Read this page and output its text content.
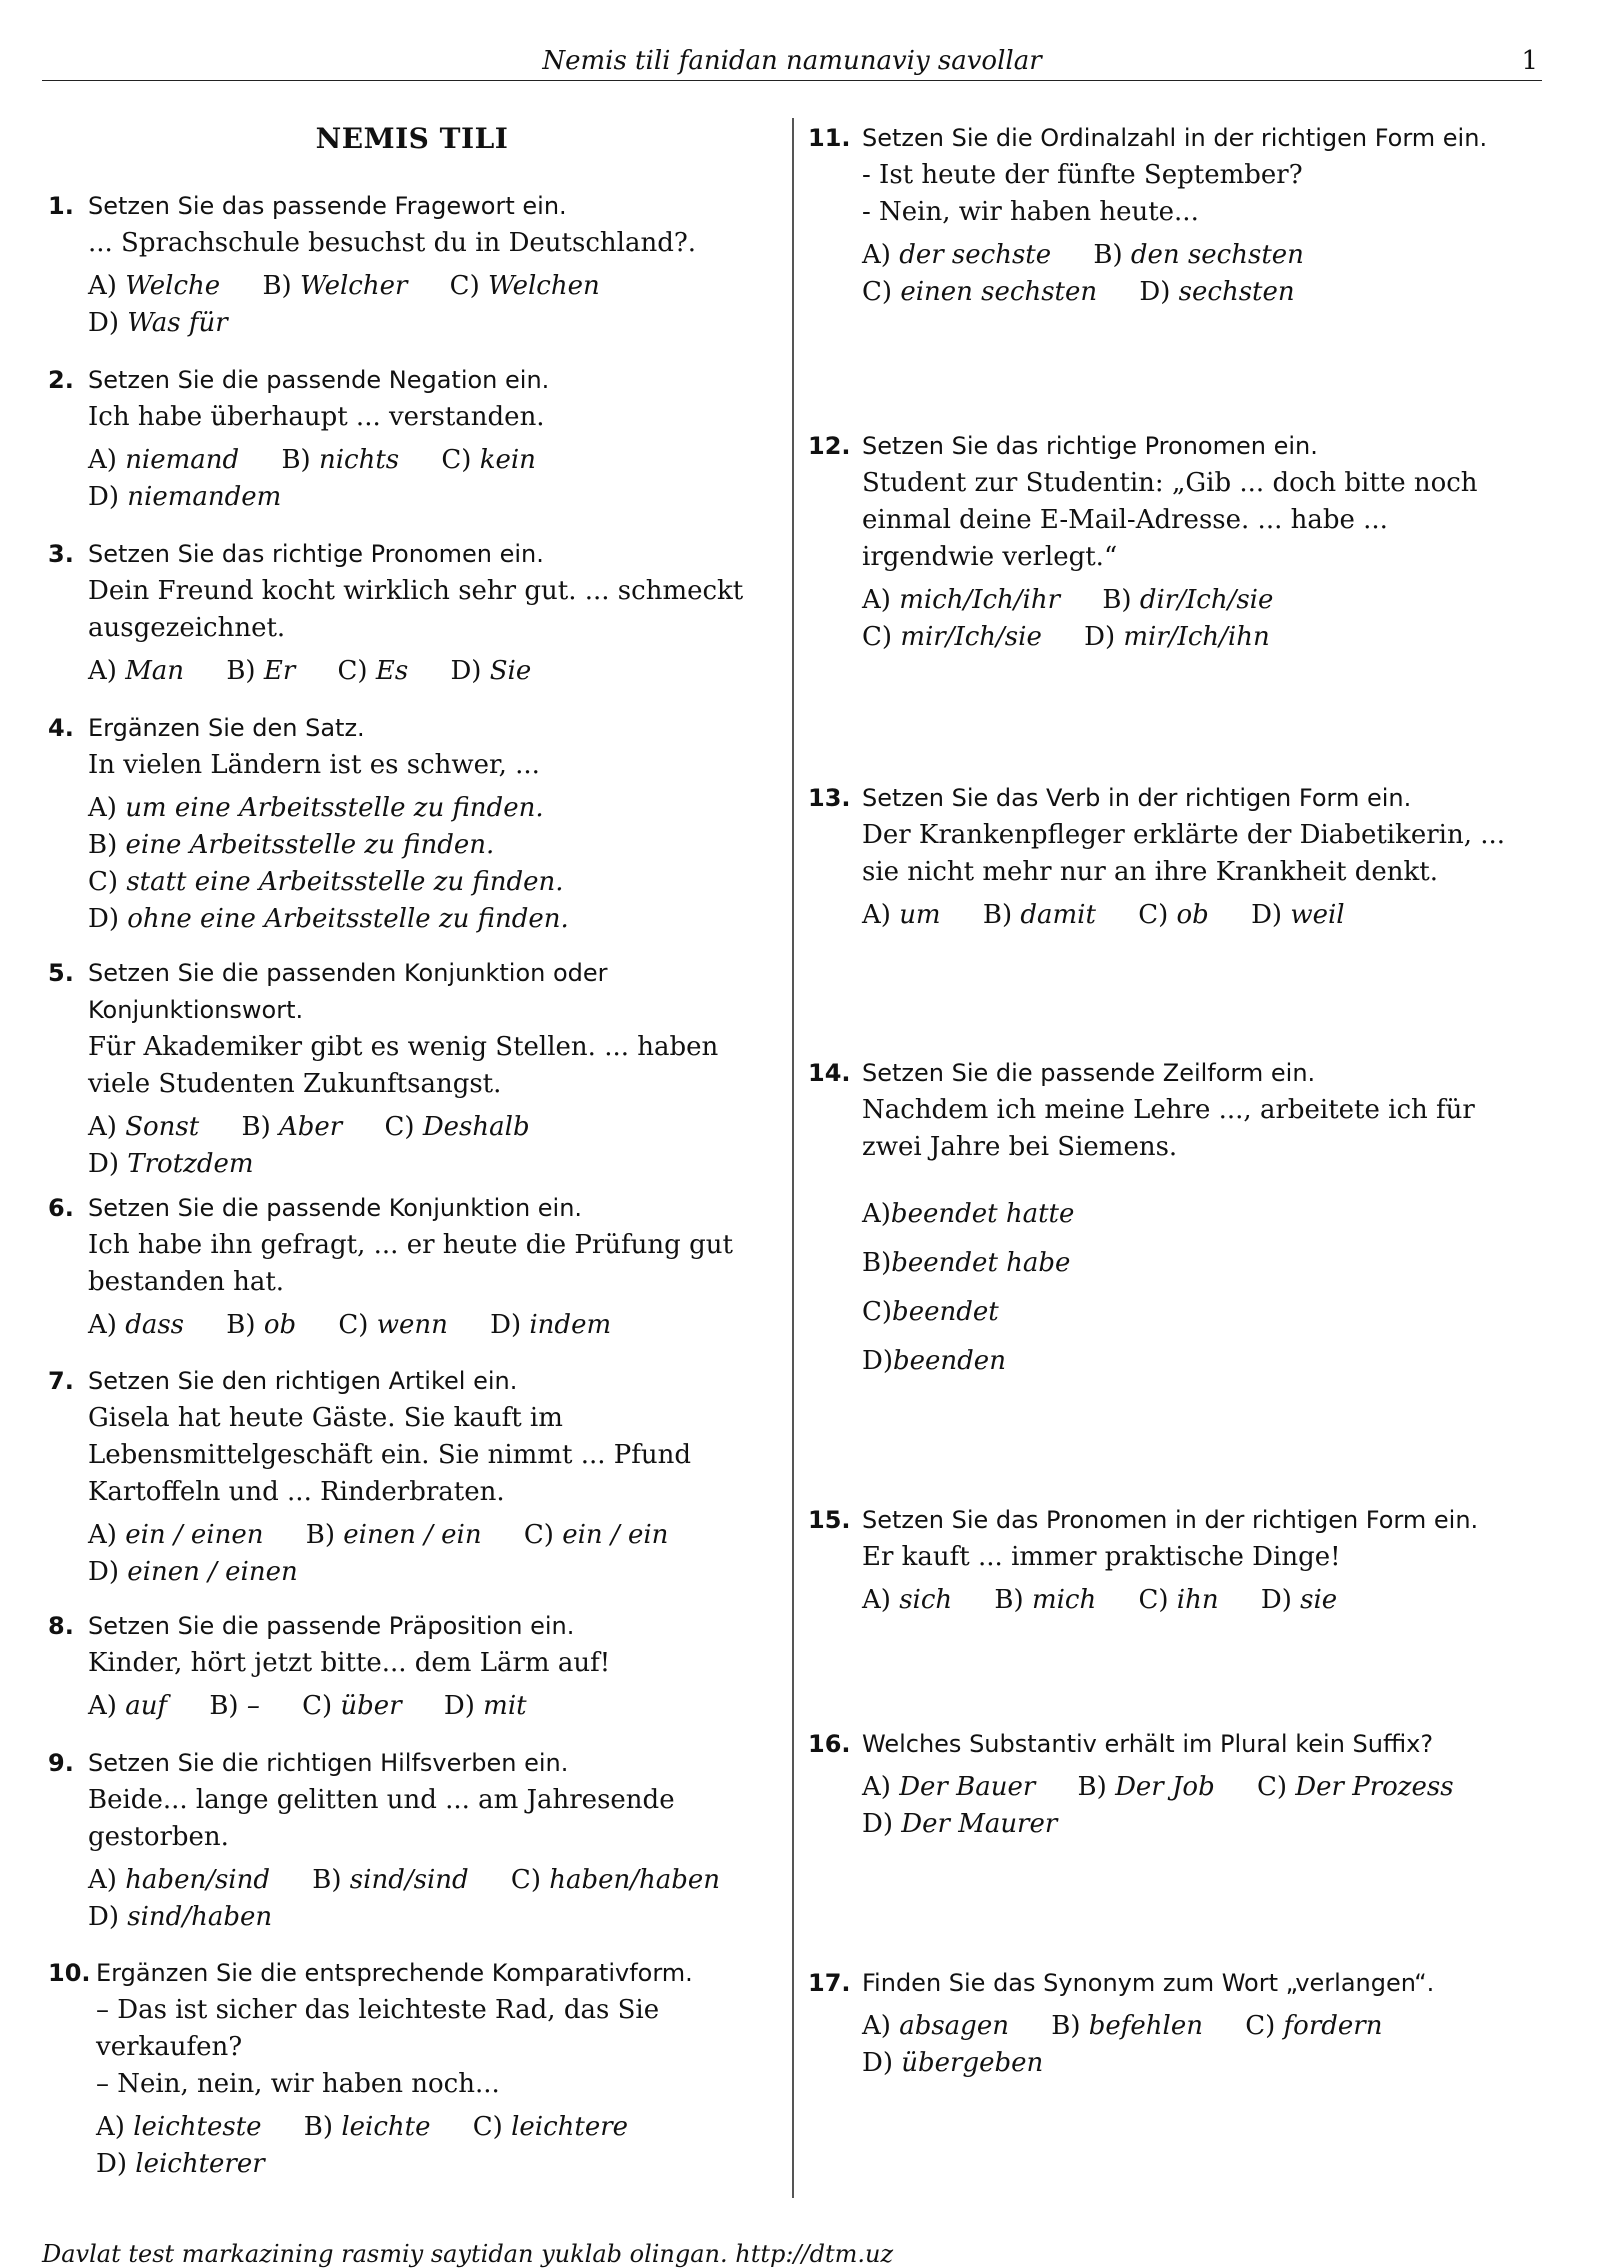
Nemis tili fanidan namunaviy savollar	1
NEMIS TILI
1. Setzen Sie das passende Fragewort ein.
... Sprachschule besuchst du in Deutschland?.
A) Welche B) Welcher C) Welchen
D) Was für
2. Setzen Sie die passende Negation ein.
Ich habe überhaupt ... verstanden.
A) niemand B) nichts C) kein
D) niemandem
3. Setzen Sie das richtige Pronomen ein.
Dein Freund kocht wirklich sehr gut. ... schmeckt
ausgezeichnet.
A) Man B) Er C) Es D) Sie
4. Ergänzen Sie den Satz.
In vielen Ländern ist es schwer, ...
A) um eine Arbeitsstelle zu finden.
B) eine Arbeitsstelle zu finden.
C) statt eine Arbeitsstelle zu finden.
D) ohne eine Arbeitsstelle zu finden.
5. Setzen Sie die passenden Konjunktion oder
Konjunktionswort.
Für Akademiker gibt es wenig Stellen. ... haben
viele Studenten Zukunftsangst.
A) Sonst B) Aber C) Deshalb D) Trotzdem
6. Setzen Sie die passende Konjunktion ein.
Ich habe ihn gefragt, ... er heute die Prüfung gut
bestanden hat.
A) dass B) ob C) wenn D) indem
7. Setzen Sie den richtigen Artikel ein.
Gisela hat heute Gäste. Sie kauft im
Lebensmittelgeschäft ein. Sie nimmt ... Pfund
Kartoffeln und ... Rinderbraten.
A) ein / einen B) einen / ein C) ein / ein
D) einen / einen
8. Setzen Sie die passende Präposition ein.
Kinder, hört jetzt bitte... dem Lärm auf!
A) auf B) – C) über D) mit
9. Setzen Sie die richtigen Hilfsverben ein.
Beide... lange gelitten und ... am Jahresende
gestorben.
A) haben/sind B) sind/sind C) haben/haben
D) sind/haben
10. Ergänzen Sie die entsprechende Komparativform.
– Das ist sicher das leichteste Rad, das Sie
verkaufen?
– Nein, nein, wir haben noch...
A) leichteste B) leichte C) leichtere
D) leichterer
11. Setzen Sie die Ordinalzahl in der richtigen Form ein.
- Ist heute der fünfte September?
- Nein, wir haben heute...
A) der sechste B) den sechsten
C) einen sechsten D) sechsten
12. Setzen Sie das richtige Pronomen ein.
Student zur Studentin: „Gib ... doch bitte noch
einmal deine E-Mail-Adresse. ... habe ...
irgendwie verlegt.“
A) mich/Ich/ihr B) dir/Ich/sie
C) mir/Ich/sie D) mir/Ich/ihn
13. Setzen Sie das Verb in der richtigen Form ein.
Der Krankenpfleger erklärte der Diabetikerin, ...
sie nicht mehr nur an ihre Krankheit denkt.
A) um B) damit C) ob D) weil
14. Setzen Sie die passende Zeilform ein.
Nachdem ich meine Lehre ..., arbeitete ich für
zwei Jahre bei Siemens.
A)beendet hatte
B)beendet habe
C)beendet
D)beenden
15. Setzen Sie das Pronomen in der richtigen Form ein.
Er kauft ... immer praktische Dinge!
A) sich B) mich C) ihn D) sie
16. Welches Substantiv erhält im Plural kein Suffix?
A) Der Bauer B) Der Job C) Der Prozess
D) Der Maurer
17. Finden Sie das Synonym zum Wort „verlangen“.
A) absagen B) befehlen C) fordern
D) übergeben
Davlat test markazining rasmiy saytidan yuklab olingan. http://dtm.uz
